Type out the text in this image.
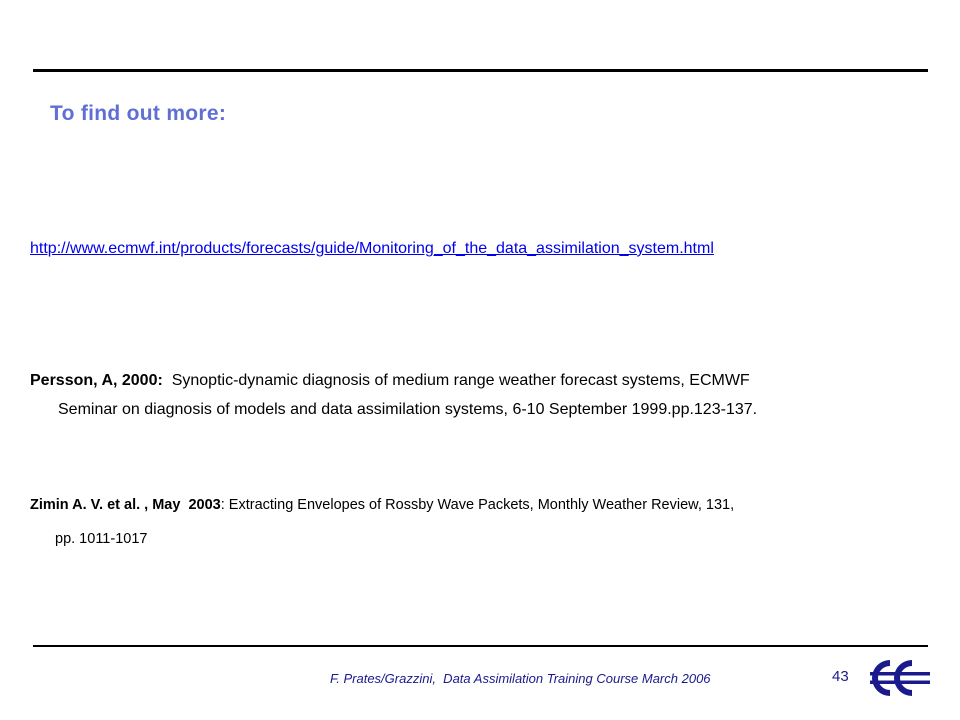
To find out more:
http://www.ecmwf.int/products/forecasts/guide/Monitoring_of_the_data_assimilation_system.html
Persson, A, 2000:  Synoptic-dynamic diagnosis of medium range weather forecast systems, ECMWF
Seminar on diagnosis of models and data assimilation systems, 6-10 September 1999.pp.123-137.
Zimin A. V. et al. , May  2003: Extracting Envelopes of Rossby Wave Packets, Monthly Weather Review, 131,
pp. 1011-1017
F. Prates/Grazzini,  Data Assimilation Training Course March 2006	43
